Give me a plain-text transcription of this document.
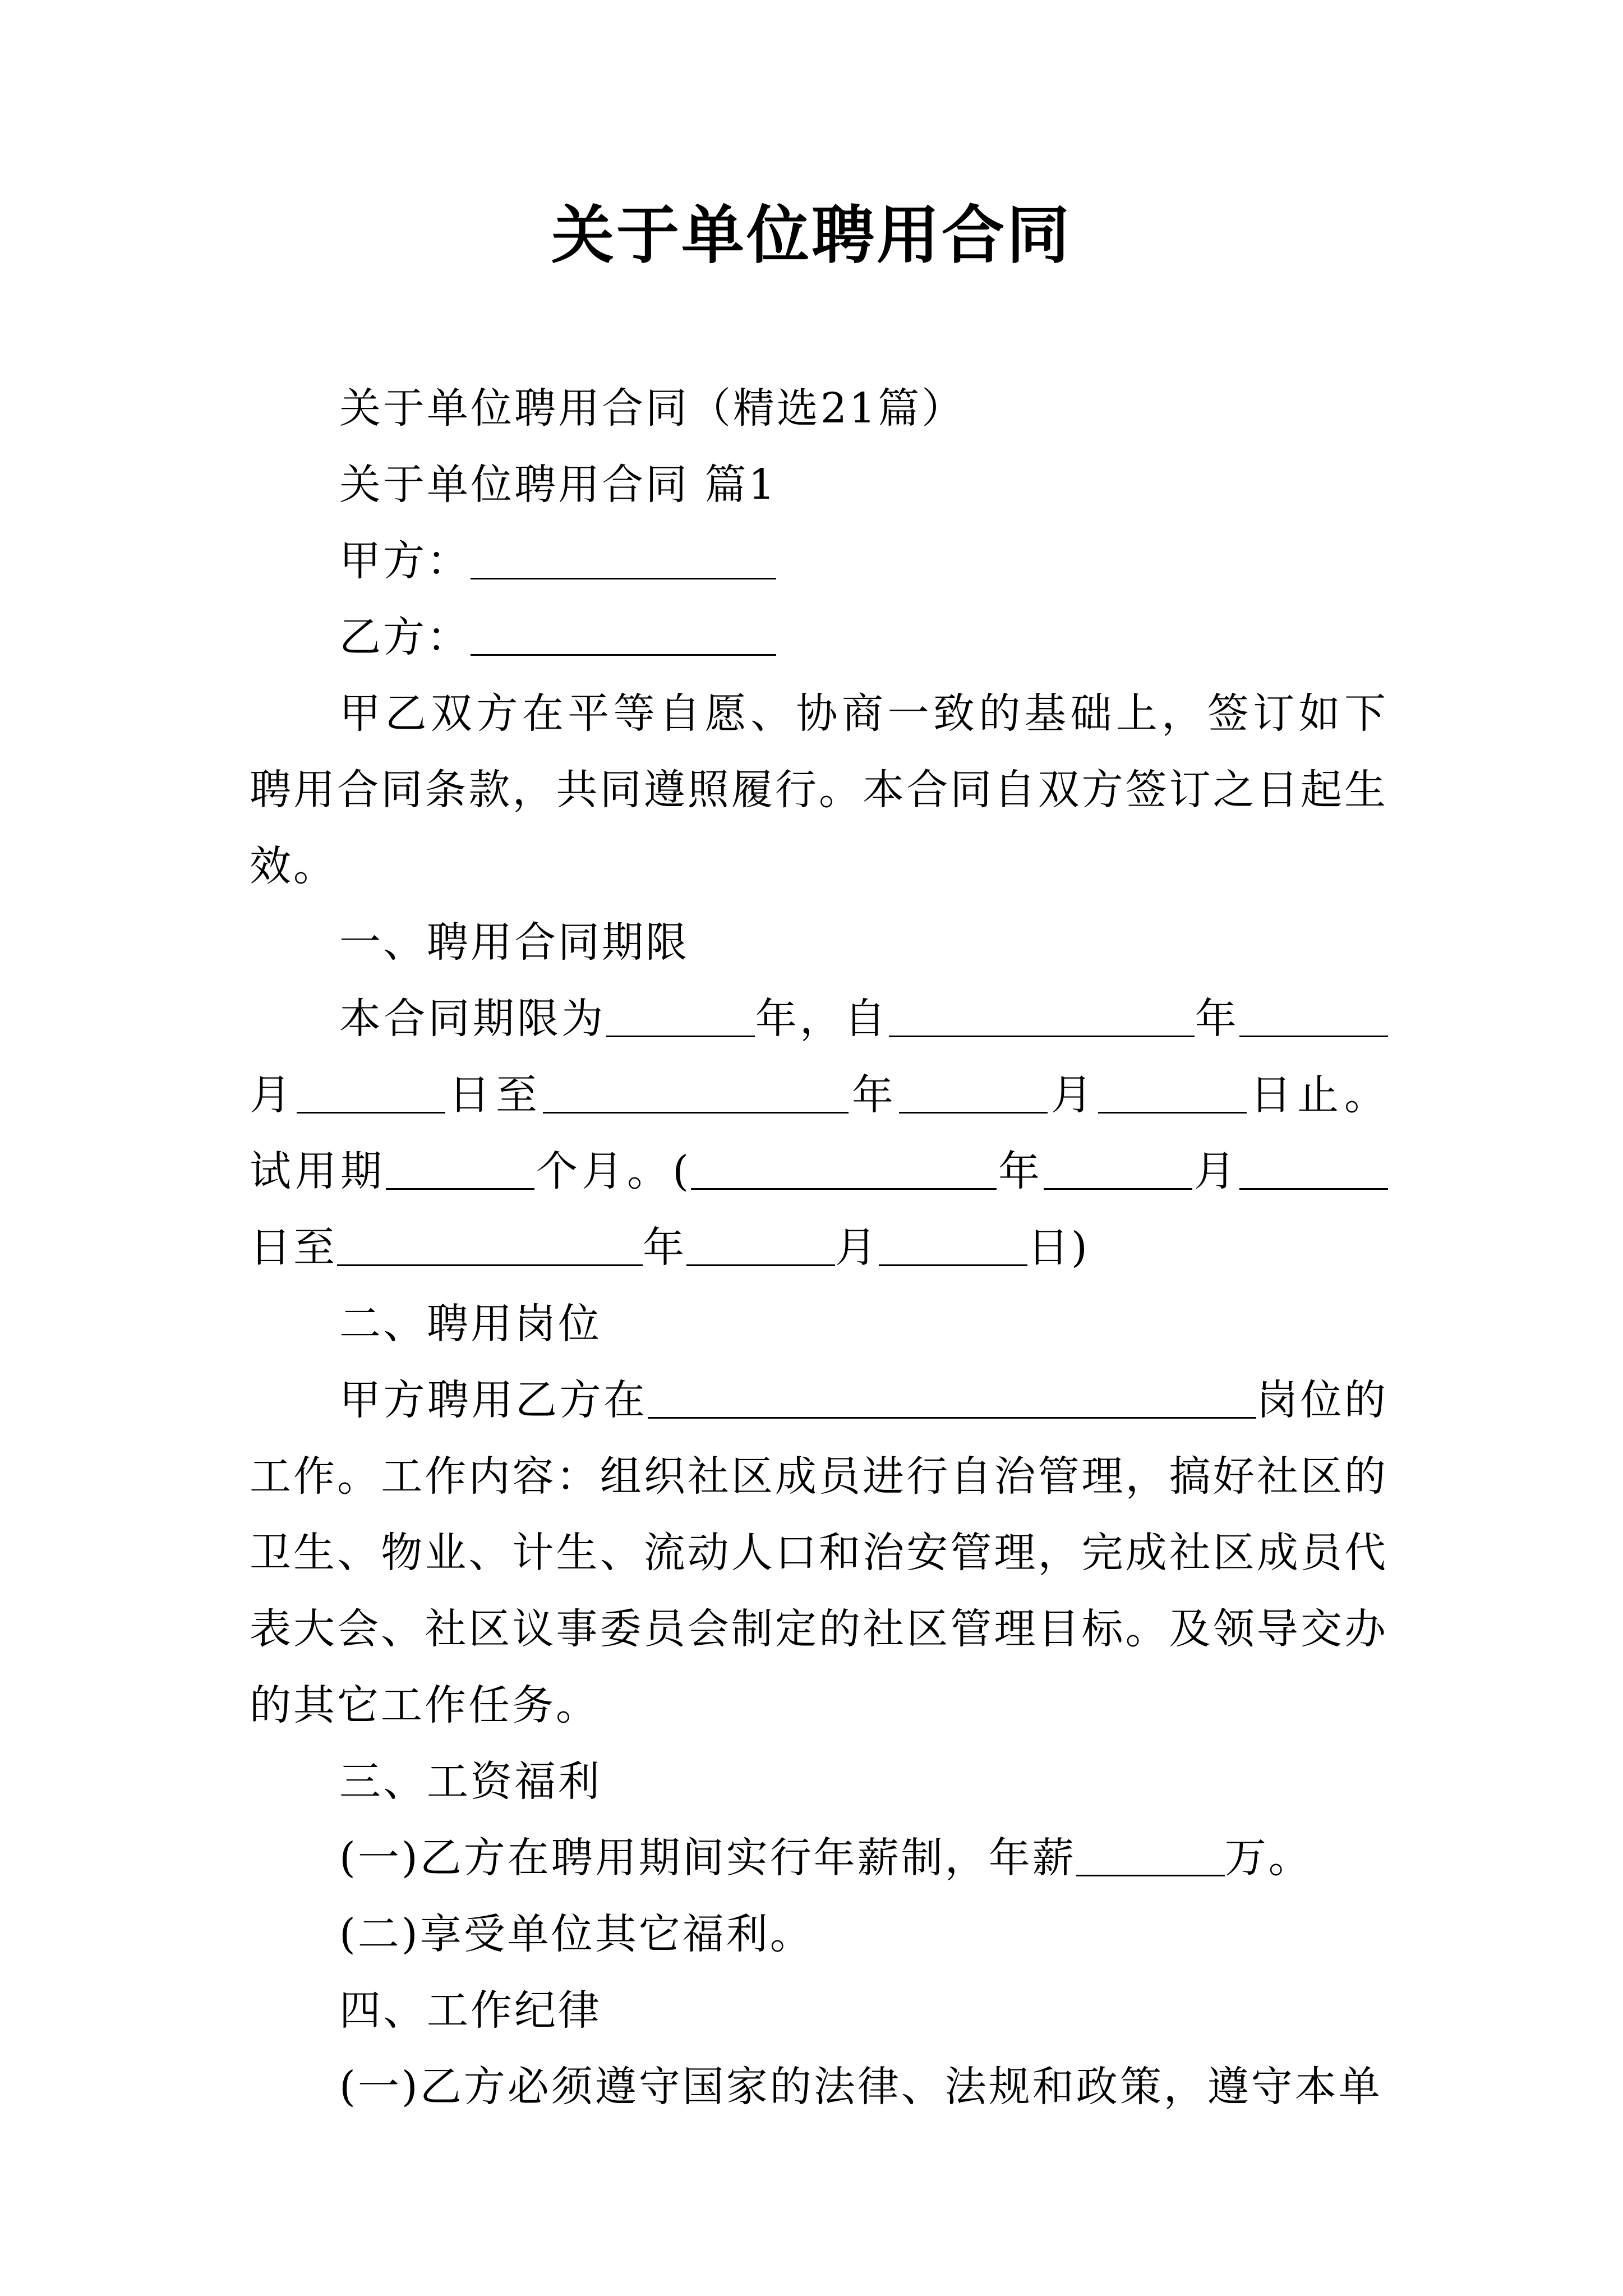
关于单位聘用合同

关于单位聘用合同（精选21篇）

关于单位聘用合同 篇1

甲方：

乙方：

甲乙双方在平等自愿、协商一致的基础上，签订如下聘用合同条款，共同遵照履行。本合同自双方签订之日起生效。

一、聘用合同期限

本合同期限为	年，自	年月	日至	年	月	日止。试用期	个月。(	年	月日至	年	月	日)

二、聘用岗位

甲方聘用乙方在	岗位的工作。工作内容：组织社区成员进行自治管理，搞好社区的卫生、物业、计生、流动人口和治安管理，完成社区成员代表大会、社区议事委员会制定的社区管理目标。及领导交办的其它工作任务。

三、工资福利

(一)乙方在聘用期间实行年薪制，年薪	万。

(二)享受单位其它福利。

四、工作纪律

(一)乙方必须遵守国家的法律、法规和政策，遵守本单
